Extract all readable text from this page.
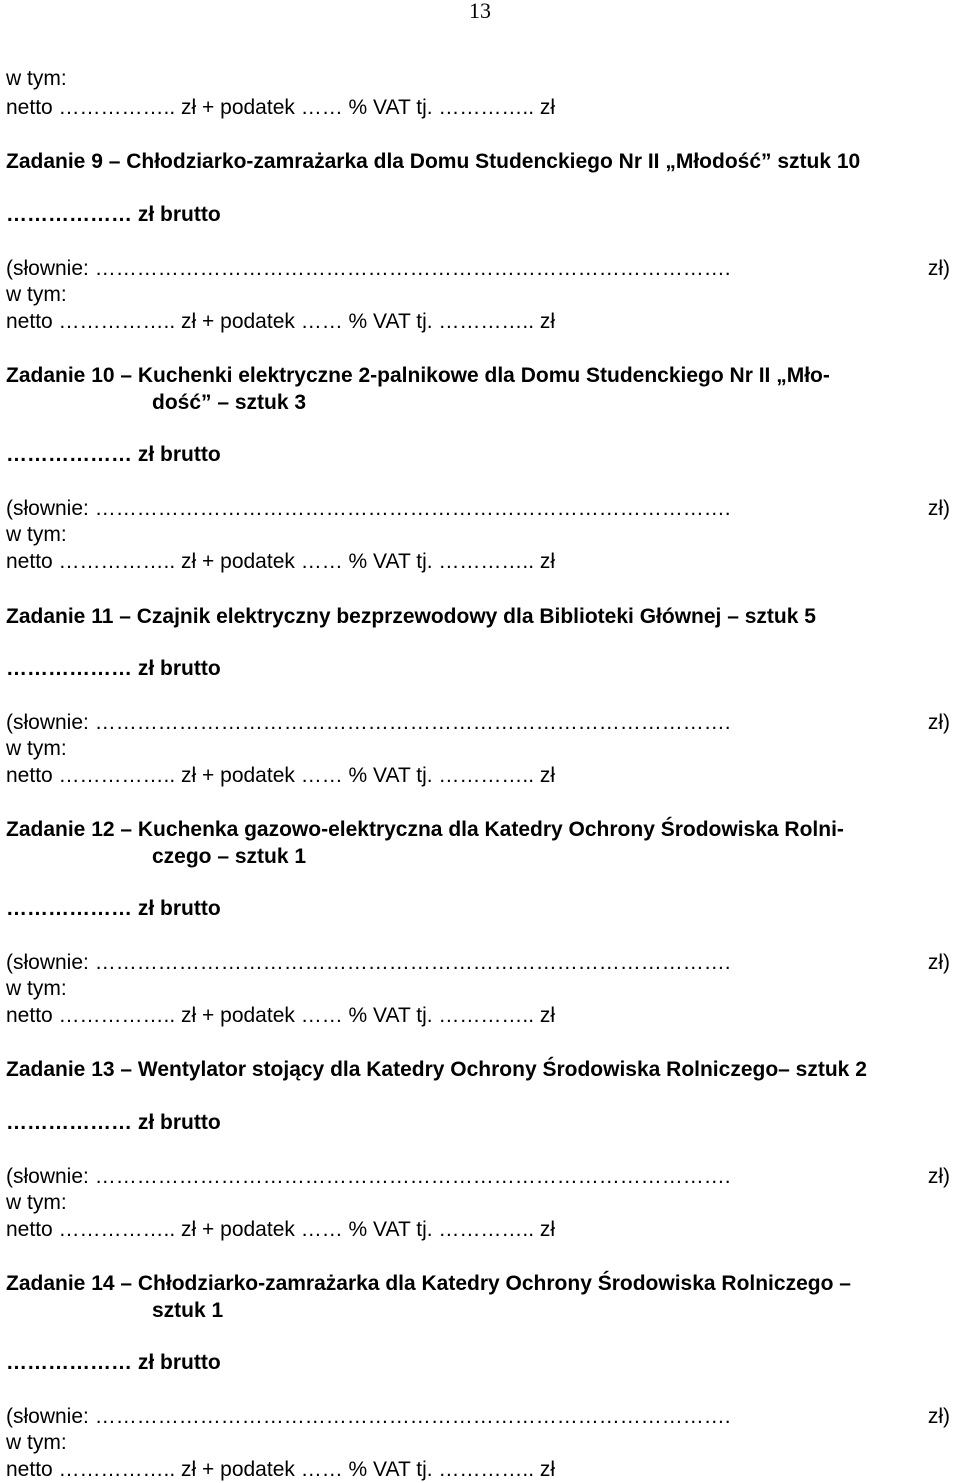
13
w tym:
netto …………….. zł + podatek …… % VAT tj. ………….. zł
Zadanie 9 – Chłodziarko-zamrażarka dla Domu Studenckiego Nr II „Młodość” sztuk 10
……………… zł brutto
(słownie: ……………………………………………………………………………….	zł)
w tym:
netto …………….. zł + podatek …… % VAT tj. ………….. zł
Zadanie 10 – Kuchenki elektryczne 2-palnikowe dla Domu Studenckiego Nr II „Mło-
dość” – sztuk 3
……………… zł brutto
(słownie: ……………………………………………………………………………….	zł)
w tym:
netto …………….. zł + podatek …… % VAT tj. ………….. zł
Zadanie 11 – Czajnik elektryczny bezprzewodowy dla Biblioteki Głównej – sztuk 5
……………… zł brutto
(słownie: ……………………………………………………………………………….	zł)
w tym:
netto …………….. zł + podatek …… % VAT tj. ………….. zł
Zadanie 12 – Kuchenka gazowo-elektryczna dla Katedry Ochrony Środowiska Rolni-
czego – sztuk 1
……………… zł brutto
(słownie: ……………………………………………………………………………….	zł)
w tym:
netto …………….. zł + podatek …… % VAT tj. ………….. zł
Zadanie 13 – Wentylator stojący dla Katedry Ochrony Środowiska Rolniczego– sztuk 2
……………… zł brutto
(słownie: ……………………………………………………………………………….	zł)
w tym:
netto …………….. zł + podatek …… % VAT tj. ………….. zł
Zadanie 14 – Chłodziarko-zamrażarka dla Katedry Ochrony Środowiska Rolniczego –
sztuk 1
……………… zł brutto
(słownie: ……………………………………………………………………………….	zł)
w tym:
netto …………….. zł + podatek …… % VAT tj. ………….. zł
